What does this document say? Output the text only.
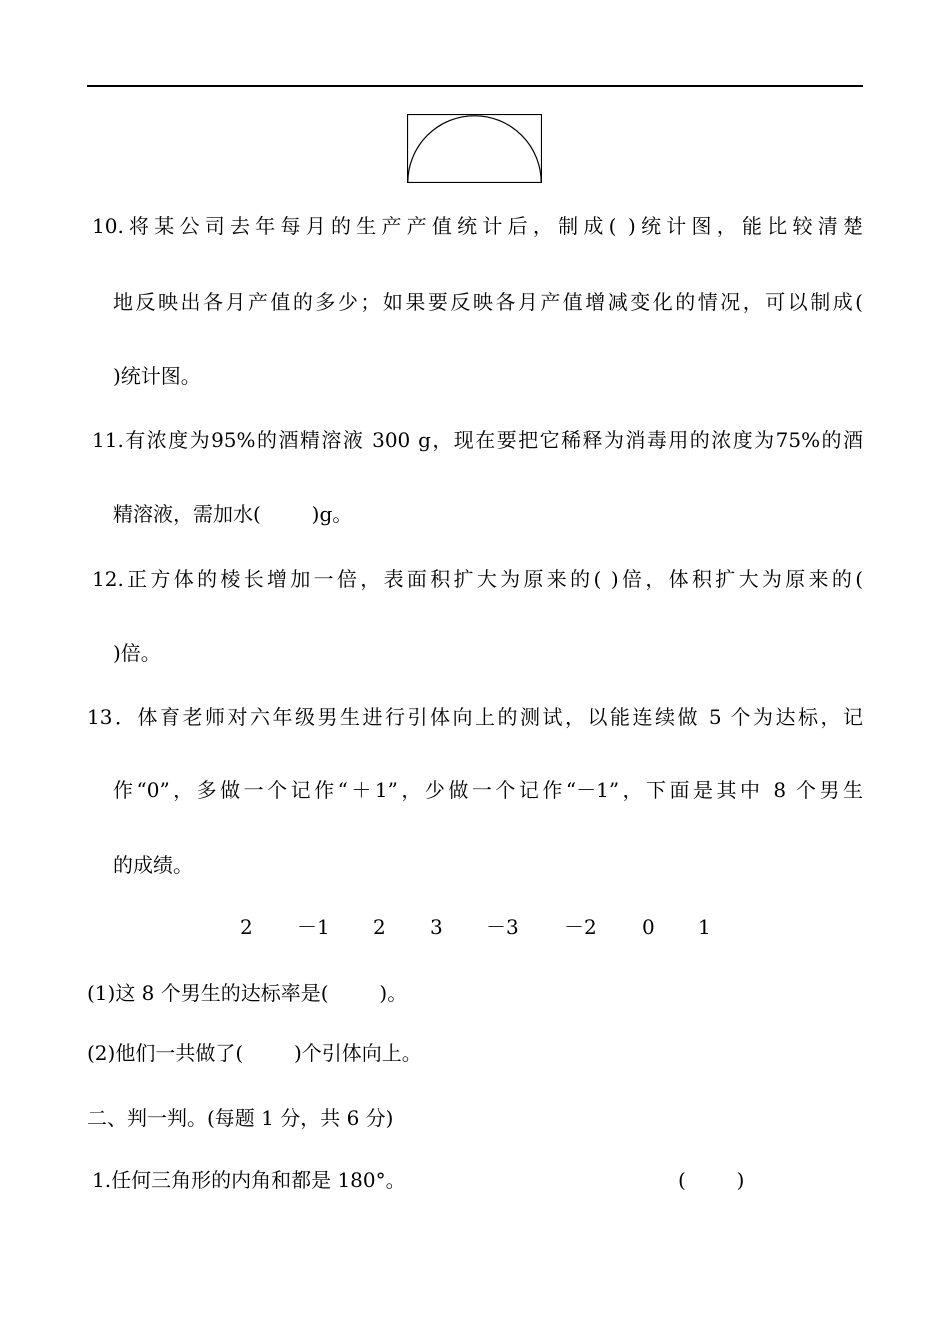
10.将某公司去年每月的生产产值统计后，制成( )统计图，能比较清楚
地反映出各月产值的多少；如果要反映各月产值增减变化的情况，可以制成(
)统计图。
11.有浓度为95%的酒精溶液 300 g，现在要把它稀释为消毒用的浓度为75%的酒
精溶液，需加水(        )g。
12.正方体的棱长增加一倍，表面积扩大为原来的( )倍，体积扩大为原来的(
)倍。
13．体育老师对六年级男生进行引体向上的测试，以能连续做 5 个为达标，记
作“0”，多做一个记作“＋1”，少做一个记作“－1”，下面是其中 8 个男生
的成绩。
2 －1 2 3 －3 －2 0 1
(1)这 8 个男生的达标率是(        )。
(2)他们一共做了(        )个引体向上。
二、判一判。(每题 1 分，共 6 分)
1.任何三角形的内角和都是 180°。	(        )
